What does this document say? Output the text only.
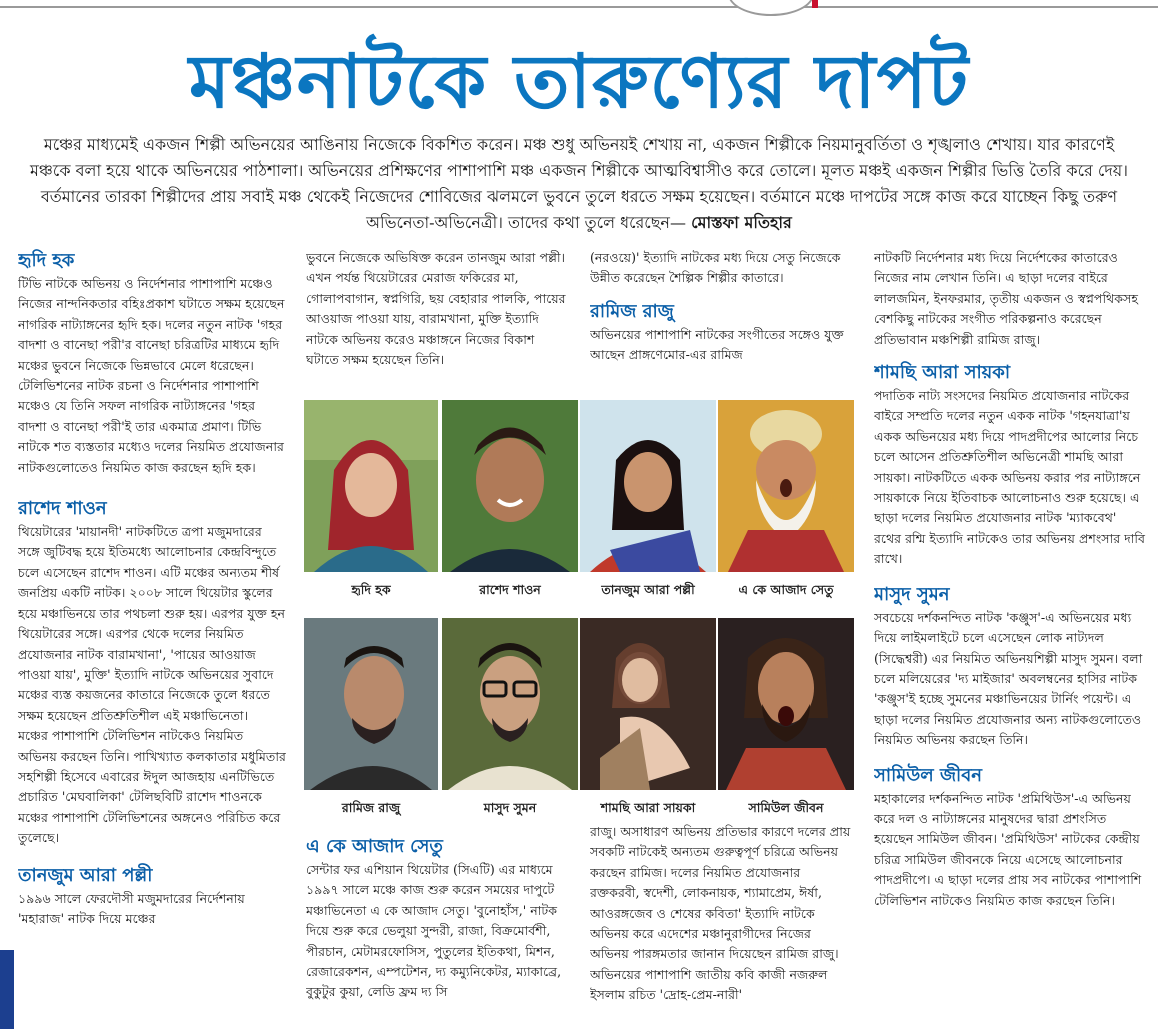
মঞ্চনাটকে তারুণ্যের দাপট
মঞ্চের মাধ্যমেই একজন শিল্পী অভিনয়ের আঙিনায় নিজেকে বিকশিত করেন। মঞ্চ শুধু অভিনয়ই শেখায় না, একজন শিল্পীকে নিয়মানুবর্তিতা ও শৃঙ্খলাও শেখায়। যার কারণেই মঞ্চকে বলা হয়ে থাকে অভিনয়ের পাঠশালা। অভিনয়ের প্রশিক্ষণের পাশাপাশি মঞ্চ একজন শিল্পীকে আত্মবিশ্বাসীও করে তোলে। মূলত মঞ্চই একজন শিল্পীর ভিত্তি তৈরি করে দেয়। বর্তমানের তারকা শিল্পীদের প্রায় সবাই মঞ্চ থেকেই নিজেদের শোবিজের ঝলমলে ভুবনে তুলে ধরতে সক্ষম হয়েছেন। বর্তমানে মঞ্চে দাপটের সঙ্গে কাজ করে যাচ্ছেন কিছু তরুণ অভিনেতা-অভিনেত্রী। তাদের কথা তুলে ধরেছেন— মোস্তফা মতিহার

হৃদি হক

টিভি নাটকে অভিনয় ও নির্দেশনার পাশাপাশি মঞ্চেও নিজের নান্দনিকতার বহিঃপ্রকাশ ঘটাতে সক্ষম হয়েছেন নাগরিক নাট্যাঙ্গনের হৃদি হক। দলের নতুন নাটক 'গহর বাদশা ও বানেছা পরী'র বানেছা চরিত্রটির মাধ্যমে হৃদি মঞ্চের ভুবনে নিজেকে ভিন্নভাবে মেলে ধরেছেন। টেলিভিশনের নাটক রচনা ও নির্দেশনার পাশাপাশি মঞ্চেও যে তিনি সফল নাগরিক নাট্যাঙ্গনের 'গহর বাদশা ও বানেছা পরী'ই তার একমাত্র প্রমাণ। টিভি নাটকে শত ব্যস্ততার মধ্যেও দলের নিয়মিত প্রযোজনার নাটকগুলোতেও নিয়মিত কাজ করছেন হৃদি হক।

রাশেদ শাওন

থিয়েটারের 'মায়ানদী' নাটকটিতে ত্রপা মজুমদারের সঙ্গে জুটিবদ্ধ হয়ে ইতিমধ্যে আলোচনার কেন্দ্রবিন্দুতে চলে এসেছেন রাশেদ শাওন। এটি মঞ্চের অন্যতম শীর্ষ জনপ্রিয় একটি নাটক। ২০০৮ সালে থিয়েটার স্কুলের হয়ে মঞ্চাভিনয়ে তার পথচলা শুরু হয়। এরপর যুক্ত হন থিয়েটারের সঙ্গে। এরপর থেকে দলের নিয়মিত প্রযোজনার নাটক বারামখানা', 'পায়ের আওয়াজ পাওয়া যায়', মুক্তি' ইত্যাদি নাটকে অভিনয়ের সুবাদে মঞ্চের ব্যস্ত কয়জনের কাতারে নিজেকে তুলে ধরতে সক্ষম হয়েছেন প্রতিশ্রুতিশীল এই মঞ্চাভিনেতা।

মঞ্চের পাশাপাশি টেলিভিশন নাটকেও নিয়মিত অভিনয় করছেন তিনি। পাখিখ্যাত কলকাতার মধুমিতার সহশিল্পী হিসেবে এবারের ঈদুল আজহায় এনটিভিতে প্রচারিত 'মেঘবালিকা' টেলিছবিটি রাশেদ শাওনকে মঞ্চের পাশাপাশি টেলিভিশনের অঙ্গনেও পরিচিত করে তুলেছে।

তানজুম আরা পল্লী

১৯৯৬ সালে ফেরদৌসী মজুমদারের নির্দেশনায় 'মহারাজ' নাটক দিয়ে মঞ্চের

ভুবনে নিজেকে অভিষিক্ত করেন তানজুম আরা পল্লী। এখন পর্যন্ত থিয়েটারের মেরাজ ফকিরের মা, গোলাপবাগান, স্বপ্নগিরি, ছয় বেহারার পালকি, পায়ের আওয়াজ পাওয়া যায়, বারামখানা, মুক্তি ইত্যাদি নাটকে অভিনয় করেও মঞ্চাঙ্গনে নিজের বিকাশ ঘটাতে সক্ষম হয়েছেন তিনি।

(নরওয়ে)' ইত্যাদি নাটকের মধ্য দিয়ে সেতু নিজেকে উন্নীত করেছেন শৈল্পিক শিল্পীর কাতারে।

রামিজ রাজু

অভিনয়ের পাশাপাশি নাটকের সংগীতের সঙ্গেও যুক্ত আছেন প্রাঙ্গণেমোর-এর রামিজ

হৃদি হক	রাশেদ শাওন	তানজুম আরা পল্লী	এ কে আজাদ সেতু
রামিজ রাজু	মাসুদ সুমন	শামছি আরা সায়কা	সামিউল জীবন

এ কে আজাদ সেতু

সেন্টার ফর এশিয়ান থিয়েটার (সিএটি) এর মাধ্যমে ১৯৯৭ সালে মঞ্চে কাজ শুরু করেন সময়ের দাপুটে মঞ্চাভিনেতা এ কে আজাদ সেতু। 'বুনোহাঁস,' নাটক দিয়ে শুরু করে ভেলুয়া সুন্দরী, রাজা, বিক্রমোর্বশী, পীরচান, মেটামরফোসিস, পুতুলের ইতিকথা, মিশন, রেজারেকশন, এম্পটেশন, দ্য কম্যুনিকেটর, ম্যাকাব্রে, বুকুটুর কুয়া, লেডি ফ্রম দ্য সি

রাজু। অসাধারণ অভিনয় প্রতিভার কারণে দলের প্রায় সবকটি নাটকেই অন্যতম গুরুত্বপূর্ণ চরিত্রে অভিনয় করছেন রামিজ। দলের নিয়মিত প্রযোজনার রক্তকরবী, স্বদেশী, লোকনায়ক, শ্যামাপ্রেম, ঈর্ষা, আওরঙ্গজেব ও শেষের কবিতা' ইত্যাদি নাটকে অভিনয় করে এদেশের মঞ্চানুরাগীদের নিজের অভিনয় পারঙ্গমতার জানান দিয়েছেন রামিজ রাজু। অভিনয়ের পাশাপাশি জাতীয় কবি কাজী নজরুল ইসলাম রচিত 'দ্রোহ-প্রেম-নারী'

নাটকটি নির্দেশনার মধ্য দিয়ে নির্দেশকের কাতারেও নিজের নাম লেখান তিনি। এ ছাড়া দলের বাইরে লালজমিন, ইনফরমার, তৃতীয় একজন ও স্বপ্নপথিকসহ বেশকিছু নাটকের সংগীত পরিকল্পনাও করেছেন প্রতিভাবান মঞ্চশিল্পী রামিজ রাজু।

শামছি আরা সায়কা

পদাতিক নাট্য সংসদের নিয়মিত প্রযোজনার নাটকের বাইরে সম্প্রতি দলের নতুন একক নাটক 'গহনযাত্রা'য় একক অভিনয়ের মধ্য দিয়ে পাদপ্রদীপের আলোর নিচে চলে আসেন প্রতিশ্রুতিশীল অভিনেত্রী শামছি আরা সায়কা। নাটকটিতে একক অভিনয় করার পর নাট্যাঙ্গনে সায়কাকে নিয়ে ইতিবাচক আলোচনাও শুরু হয়েছে। এ ছাড়া দলের নিয়মিত প্রযোজনার নাটক 'ম্যাকবেথ' রথের রশ্মি ইত্যাদি নাটকেও তার অভিনয় প্রশংসার দাবি রাখে।

মাসুদ সুমন

সবচেয়ে দর্শকনন্দিত নাটক 'কঞ্জুস'-এ অভিনয়ের মধ্য দিয়ে লাইমলাইটে চলে এসেছেন লোক নাট্যদল (সিদ্ধেশ্বরী) এর নিয়মিত অভিনয়শিল্পী মাসুদ সুমন। বলা চলে মলিয়েরের 'দ্য মাইজার' অবলম্বনের হাসির নাটক 'কঞ্জুস'ই হচ্ছে সুমনের মঞ্চাভিনয়ের টার্নিং পয়েন্ট। এ ছাড়া দলের নিয়মিত প্রযোজনার অন্য নাটকগুলোতেও নিয়মিত অভিনয় করছেন তিনি।

সামিউল জীবন

মহাকালের দর্শকনন্দিত নাটক 'প্রমিথিউস'-এ অভিনয় করে দল ও নাট্যাঙ্গনের মানুষদের দ্বারা প্রশংসিত হয়েছেন সামিউল জীবন। 'প্রমিথিউস' নাটকের কেন্দ্রীয় চরিত্র সামিউল জীবনকে নিয়ে এসেছে আলোচনার পাদপ্রদীপে। এ ছাড়া দলের প্রায় সব নাটকের পাশাপাশি টেলিভিশন নাটকেও নিয়মিত কাজ করছেন তিনি।
